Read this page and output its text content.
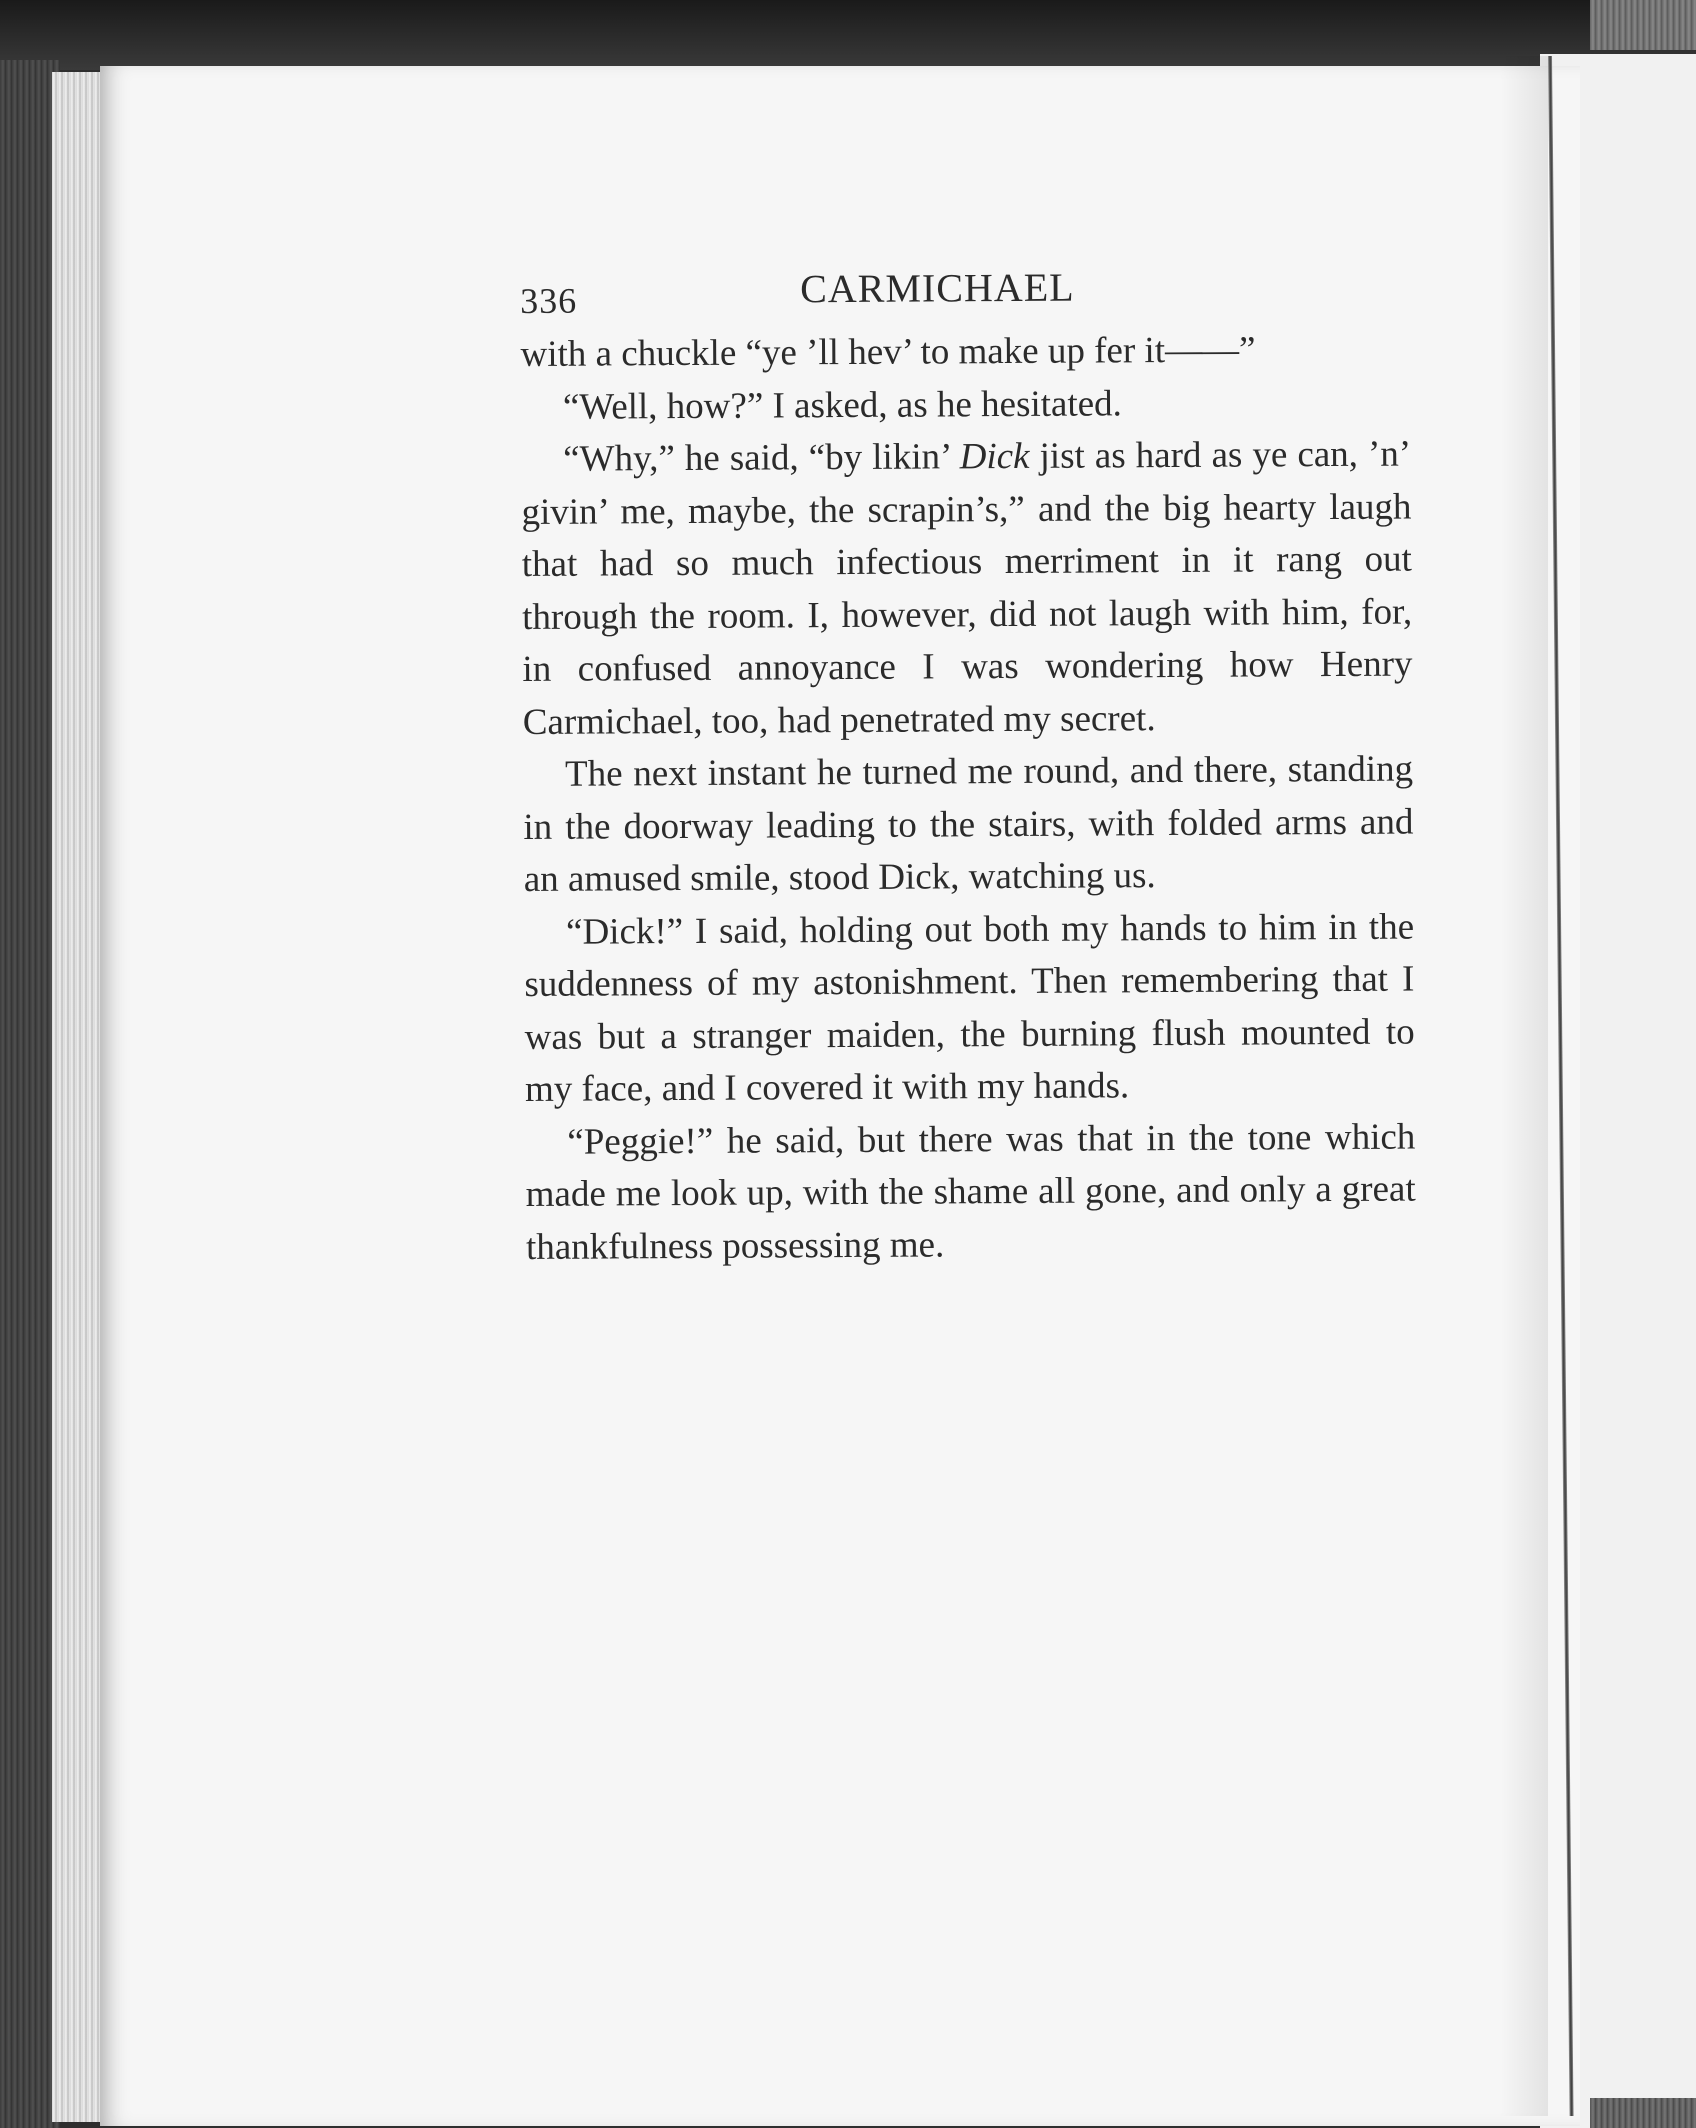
336	CARMICHAEL

with a chuckle “ye ’ll hev’ to make up fer it——”

“Well, how?” I asked, as he hesitated.

“Why,” he said, “by likin’ Dick jist as hard as ye can, ’n’ givin’ me, maybe, the scrapin’s,” and the big hearty laugh that had so much infectious merriment in it rang out through the room. I, however, did not laugh with him, for, in confused annoyance I was wondering how Henry Carmichael, too, had penetrated my secret.

The next instant he turned me round, and there, standing in the doorway leading to the stairs, with folded arms and an amused smile, stood Dick, watching us.

“Dick!” I said, holding out both my hands to him in the suddenness of my astonishment. Then remembering that I was but a stranger maiden, the burning flush mounted to my face, and I covered it with my hands.

“Peggie!” he said, but there was that in the tone which made me look up, with the shame all gone, and only a great thankfulness possessing me.
